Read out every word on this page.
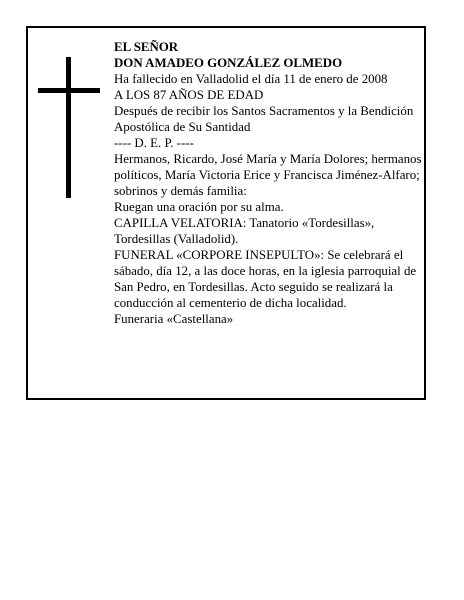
EL SEÑOR

DON AMADEO GONZÁLEZ OLMEDO

Ha fallecido en Valladolid el día 11 de enero de 2008

A LOS 87 AÑOS DE EDAD

Después de recibir los Santos Sacramentos y la Bendición Apostólica de Su Santidad

---- D. E. P. ----

Hermanos, Ricardo, José María y María Dolores; hermanos políticos, María Victoria Erice y Francisca Jiménez-Alfaro; sobrinos y demás familia:

Ruegan una oración por su alma.

CAPILLA VELATORIA: Tanatorio «Tordesillas», Tordesillas (Valladolid).

FUNERAL «CORPORE INSEPULTO»: Se celebrará el sábado, día 12, a las doce horas, en la iglesia parroquial de San Pedro, en Tordesillas. Acto seguido se realizará la conducción al cementerio de dicha localidad.

Funeraria «Castellana»
